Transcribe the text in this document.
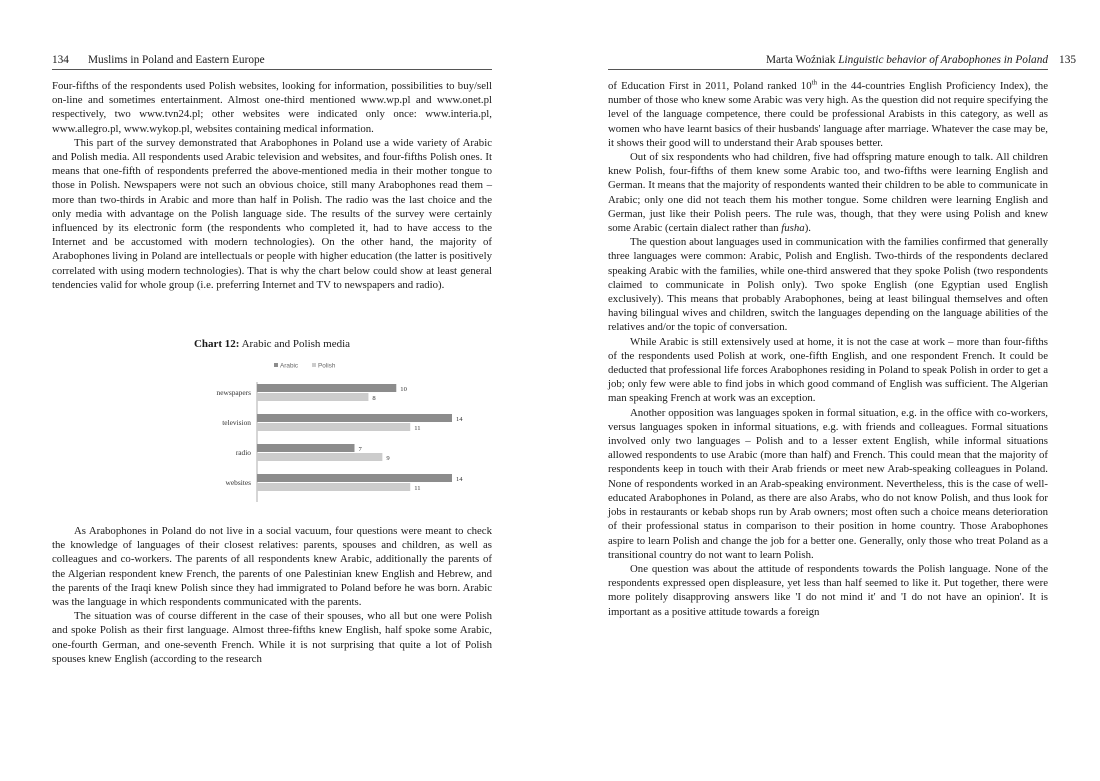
134 Muslims in Poland and Eastern Europe

Four-fifths of the respondents used Polish websites, looking for information, possibilities to buy/sell on-line and sometimes entertainment. Almost one-third mentioned www.wp.pl and www.onet.pl respectively, two www.tvn24.pl; other websites were indicated only once: www.interia.pl, www.allegro.pl, www.wykop.pl, websites containing medical information.

This part of the survey demonstrated that Arabophones in Poland use a wide variety of Arabic and Polish media. All respondents used Arabic television and websites, and four-fifths Polish ones. It means that one-fifth of respondents preferred the above-mentioned media in their mother tongue to those in Polish. Newspapers were not such an obvious choice, still many Arabophones read them – more than two-thirds in Arabic and more than half in Polish. The radio was the last choice and the only media with advantage on the Polish language side. The results of the survey were certainly influenced by its electronic form (the respondents who completed it, had to have access to the Internet and be accustomed with modern technologies). On the other hand, the majority of Arabophones living in Poland are intellectuals or people with higher education (the latter is positively correlated with using modern technologies). That is why the chart below could show at least general tendencies valid for whole group (i.e. preferring Internet and TV to newspapers and radio).

Chart 12: Arabic and Polish media
Arabic	Polish
newspapers	10
8
television	14
11
radio	7
9
websites	14
11

As Arabophones in Poland do not live in a social vacuum, four questions were meant to check the knowledge of languages of their closest relatives: parents, spouses and children, as well as colleagues and co-workers. The parents of all respondents knew Arabic, additionally the parents of the Algerian respondent knew French, the parents of one Palestinian knew English and Hebrew, and the parents of the Iraqi knew Polish since they had immigrated to Poland before he was born. Arabic was the language in which respondents communicated with the parents.

The situation was of course different in the case of their spouses, who all but one were Polish and spoke Polish as their first language. Almost three-fifths knew English, half spoke some Arabic, one-fourth German, and one-seventh French. While it is not surprising that quite a lot of Polish spouses knew English (according to the research

Marta Woźniak Linguistic behavior of Arabophones in Poland 135

of Education First in 2011, Poland ranked 10th in the 44-countries English Proficiency Index), the number of those who knew some Arabic was very high. As the question did not require specifying the level of the language competence, there could be professional Arabists in this category, as well as women who have learnt basics of their husbands' language after marriage. Whatever the case may be, it shows their good will to understand their Arab spouses better.

Out of six respondents who had children, five had offspring mature enough to talk. All children knew Polish, four-fifths of them knew some Arabic too, and two-fifths were learning English and German. It means that the majority of respondents wanted their children to be able to communicate in Arabic; only one did not teach them his mother tongue. Some children were learning English and German, just like their Polish peers. The rule was, though, that they were using Polish and knew some Arabic (certain dialect rather than fusha).

The question about languages used in communication with the families confirmed that generally three languages were common: Arabic, Polish and English. Two-thirds of the respondents declared speaking Arabic with the families, while one-third answered that they spoke Polish (two respondents claimed to communicate in Polish only). Two spoke English (one Egyptian used English exclusively). This means that probably Arabophones, being at least bilingual themselves and often having bilingual wives and children, switch the languages depending on the language abilities of the relatives and/or the topic of conversation.

While Arabic is still extensively used at home, it is not the case at work – more than four-fifths of the respondents used Polish at work, one-fifth English, and one respondent French. It could be deducted that professional life forces Arabophones residing in Poland to speak Polish in order to get a job; only few were able to find jobs in which good command of English was sufficient. The Algerian man speaking French at work was an exception.

Another opposition was languages spoken in formal situation, e.g. in the office with co-workers, versus languages spoken in informal situations, e.g. with friends and colleagues. Formal situations involved only two languages – Polish and to a lesser extent English, while informal situations allowed respondents to use Arabic (more than half) and French. This could mean that the majority of respondents keep in touch with their Arab friends or meet new Arab-speaking colleagues in Poland. None of respondents worked in an Arab-speaking environment. Nevertheless, this is the case of well-educated Arabophones in Poland, as there are also Arabs, who do not know Polish, and thus look for jobs in restaurants or kebab shops run by Arab owners; most often such a choice means deterioration of their professional status in comparison to their position in home country. Those Arabophones aspire to learn Polish and change the job for a better one. Generally, only those who treat Poland as a transitional country do not want to learn Polish.

One question was about the attitude of respondents towards the Polish language. None of the respondents expressed open displeasure, yet less than half seemed to like it. Put together, there were more politely disapproving answers like 'I do not mind it' and 'I do not have an opinion'. It is important as a positive attitude towards a foreign
